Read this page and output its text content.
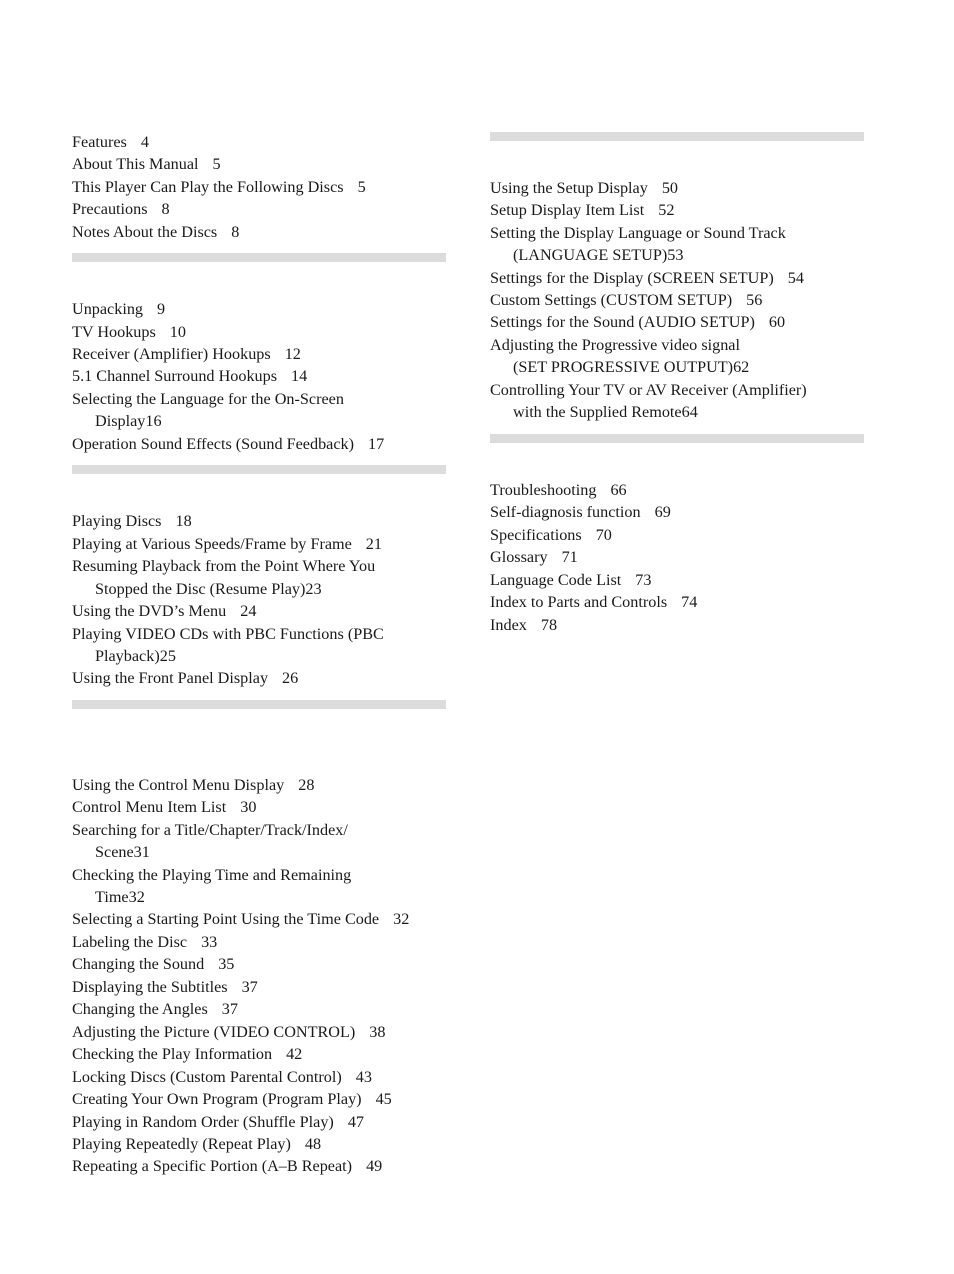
Features 4
About This Manual 5
This Player Can Play the Following Discs 5
Precautions 8
Notes About the Discs 8
Unpacking 9
TV Hookups 10
Receiver (Amplifier) Hookups 12
5.1 Channel Surround Hookups 14
Selecting the Language for the On-Screen
Display16
Operation Sound Effects (Sound Feedback) 17
Playing Discs 18
Playing at Various Speeds/Frame by Frame 21
Resuming Playback from the Point Where You
Stopped the Disc (Resume Play)23
Using the DVD’s Menu 24
Playing VIDEO CDs with PBC Functions (PBC
Playback)25
Using the Front Panel Display 26
Using the Control Menu Display 28
Control Menu Item List 30
Searching for a Title/Chapter/Track/Index/
Scene31
Checking the Playing Time and Remaining
Time32
Selecting a Starting Point Using the Time Code 32
Labeling the Disc 33
Changing the Sound 35
Displaying the Subtitles 37
Changing the Angles 37
Adjusting the Picture (VIDEO CONTROL) 38
Checking the Play Information 42
Locking Discs (Custom Parental Control) 43
Creating Your Own Program (Program Play) 45
Playing in Random Order (Shuffle Play) 47
Playing Repeatedly (Repeat Play) 48
Repeating a Specific Portion (A–B Repeat) 49
Using the Setup Display 50
Setup Display Item List 52
Setting the Display Language or Sound Track
(LANGUAGE SETUP)53
Settings for the Display (SCREEN SETUP) 54
Custom Settings (CUSTOM SETUP) 56
Settings for the Sound (AUDIO SETUP) 60
Adjusting the Progressive video signal
(SET PROGRESSIVE OUTPUT)62
Controlling Your TV or AV Receiver (Amplifier)
with the Supplied Remote64
Troubleshooting 66
Self-diagnosis function 69
Specifications 70
Glossary 71
Language Code List 73
Index to Parts and Controls 74
Index 78
